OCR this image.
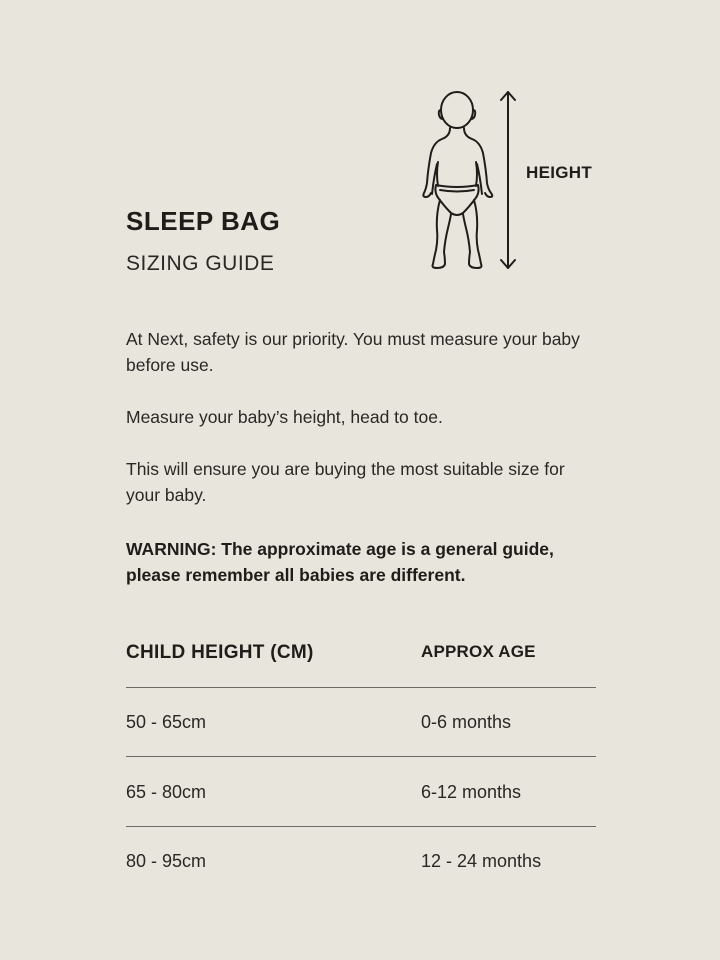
SLEEP BAG
SIZING GUIDE
HEIGHT

At Next, safety is our priority. You must measure your baby before use.

Measure your baby’s height, head to toe.

This will ensure you are buying the most suitable size for your baby.

WARNING: The approximate age is a general guide, please remember all babies are different.

CHILD HEIGHT (CM)	APPROX AGE
50 - 65cm	0-6 months
65 - 80cm	6-12 months
80 - 95cm	12 - 24 months
